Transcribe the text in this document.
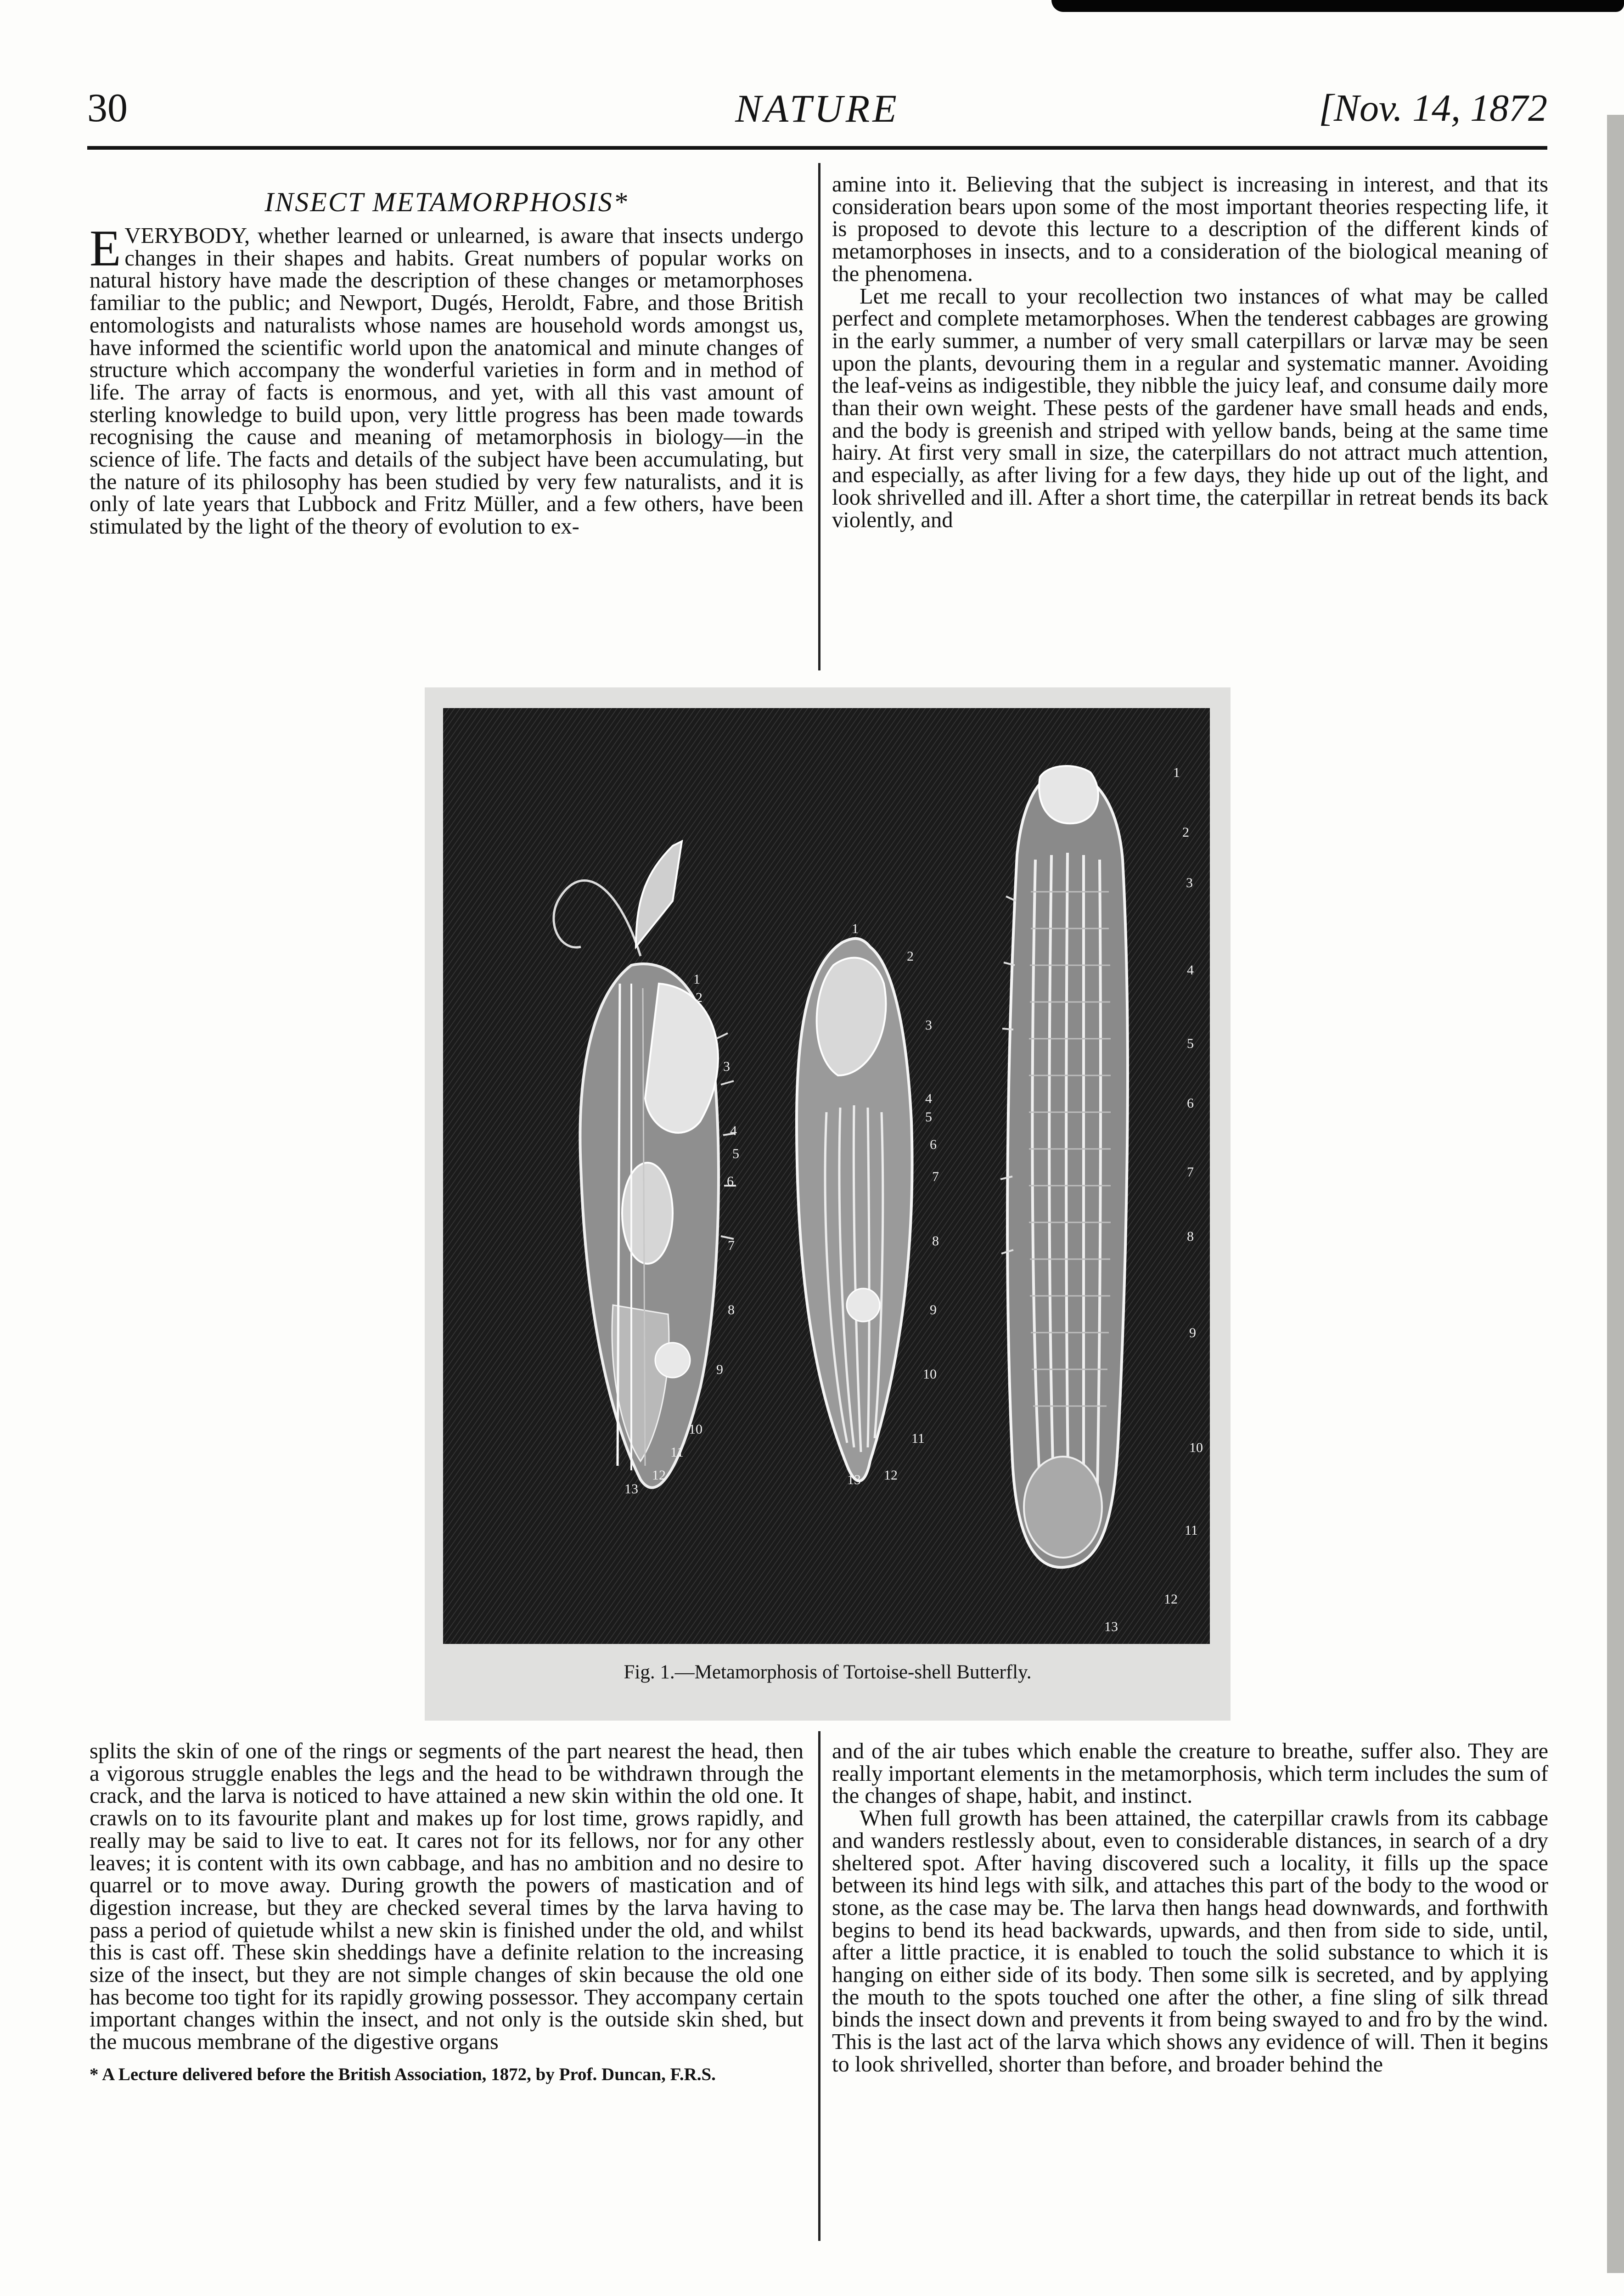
30	NATURE	[Nov. 14, 1872
INSECT METAMORPHOSIS*

EVERYBODY, whether learned or unlearned, is aware that insects undergo changes in their shapes and habits. Great numbers of popular works on natural history have made the description of these changes or metamorphoses familiar to the public; and Newport, Dugés, Heroldt, Fabre, and those British entomologists and naturalists whose names are household words amongst us, have informed the scientific world upon the anatomical and minute changes of structure which accompany the wonderful varieties in form and in method of life. The array of facts is enormous, and yet, with all this vast amount of sterling knowledge to build upon, very little progress has been made towards recognising the cause and meaning of metamorphosis in biology—in the science of life. The facts and details of the subject have been accumulating, but the nature of its philosophy has been studied by very few naturalists, and it is only of late years that Lubbock and Fritz Müller, and a few others, have been stimulated by the light of the theory of evolution to ex-

amine into it. Believing that the subject is increasing in interest, and that its consideration bears upon some of the most important theories respecting life, it is proposed to devote this lecture to a description of the different kinds of metamorphoses in insects, and to a consideration of the biological meaning of the phenomena.

Let me recall to your recollection two instances of what may be called perfect and complete metamorphoses. When the tenderest cabbages are growing in the early summer, a number of very small caterpillars or larvæ may be seen upon the plants, devouring them in a regular and systematic manner. Avoiding the leaf-veins as indigestible, they nibble the juicy leaf, and consume daily more than their own weight. These pests of the gardener have small heads and ends, and the body is greenish and striped with yellow bands, being at the same time hairy. At first very small in size, the caterpillars do not attract much attention, and especially, as after living for a few days, they hide up out of the light, and look shrivelled and ill. After a short time, the caterpillar in retreat bends its back violently, and

1
2
3
4
5
6
7
8
9
10
11
12
13
1
2
3
4
5
6
7
8
9
10
11
12
13
1
2
3
4
5
6
7
8
9
10
11
12
13
Fig. 1.—Metamorphosis of Tortoise-shell Butterfly.

splits the skin of one of the rings or segments of the part nearest the head, then a vigorous struggle enables the legs and the head to be withdrawn through the crack, and the larva is noticed to have attained a new skin within the old one. It crawls on to its favourite plant and makes up for lost time, grows rapidly, and really may be said to live to eat. It cares not for its fellows, nor for any other leaves; it is content with its own cabbage, and has no ambition and no desire to quarrel or to move away. During growth the powers of mastication and of digestion increase, but they are checked several times by the larva having to pass a period of quietude whilst a new skin is finished under the old, and whilst this is cast off. These skin sheddings have a definite relation to the increasing size of the insect, but they are not simple changes of skin because the old one has become too tight for its rapidly growing possessor. They accompany certain important changes within the insect, and not only is the outside skin shed, but the mucous membrane of the digestive organs

* A Lecture delivered before the British Association, 1872, by Prof. Duncan, F.R.S.

and of the air tubes which enable the creature to breathe, suffer also. They are really important elements in the metamorphosis, which term includes the sum of the changes of shape, habit, and instinct.

When full growth has been attained, the caterpillar crawls from its cabbage and wanders restlessly about, even to considerable distances, in search of a dry sheltered spot. After having discovered such a locality, it fills up the space between its hind legs with silk, and attaches this part of the body to the wood or stone, as the case may be. The larva then hangs head downwards, and forthwith begins to bend its head backwards, upwards, and then from side to side, until, after a little practice, it is enabled to touch the solid substance to which it is hanging on either side of its body. Then some silk is secreted, and by applying the mouth to the spots touched one after the other, a fine sling of silk thread binds the insect down and prevents it from being swayed to and fro by the wind. This is the last act of the larva which shows any evidence of will. Then it begins to look shrivelled, shorter than before, and broader behind the
